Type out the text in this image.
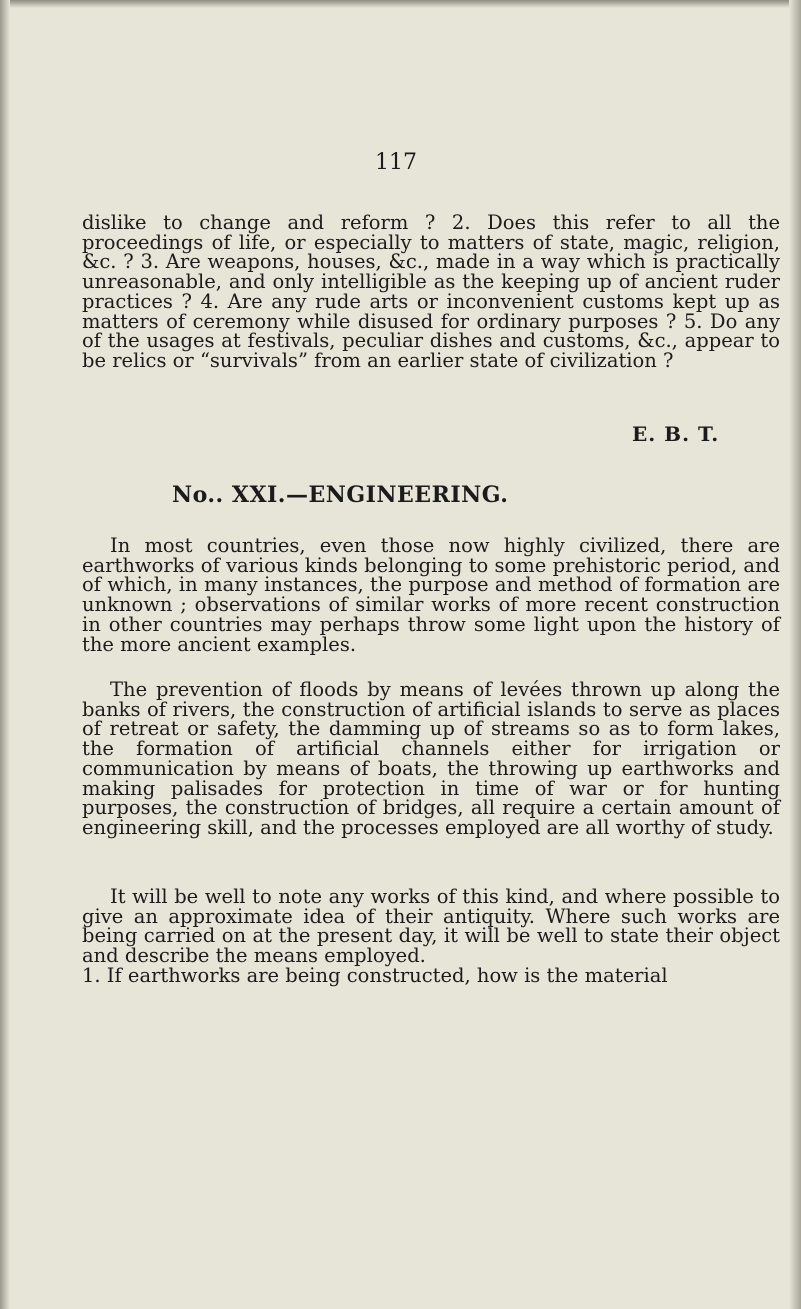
117

dislike to change and reform ? 2. Does this refer to all the proceedings of life, or especially to matters of state, magic, religion, &c. ? 3. Are weapons, houses, &c., made in a way which is practically unreasonable, and only intelligible as the keeping up of ancient ruder practices ? 4. Are any rude arts or inconvenient customs kept up as matters of ceremony while disused for ordinary purposes ? 5. Do any of the usages at festivals, peculiar dishes and customs, &c., appear to be relics or “survivals” from an earlier state of civilization ?

E. B. T.
No.. XXI.—ENGINEERING.

In most countries, even those now highly civilized, there are earthworks of various kinds belonging to some prehistoric period, and of which, in many instances, the purpose and method of formation are unknown ; observations of similar works of more recent construction in other countries may perhaps throw some light upon the history of the more ancient examples.

The prevention of floods by means of levées thrown up along the banks of rivers, the construction of artificial islands to serve as places of retreat or safety, the damming up of streams so as to form lakes, the formation of artificial channels either for irrigation or communication by means of boats, the throwing up earthworks and making palisades for protection in time of war or for hunting purposes, the construction of bridges, all require a certain amount of engineering skill, and the processes employed are all worthy of study.

It will be well to note any works of this kind, and where possible to give an approximate idea of their antiquity. Where such works are being carried on at the present day, it will be well to state their object and describe the means employed.

1. If earthworks are being constructed, how is the material
